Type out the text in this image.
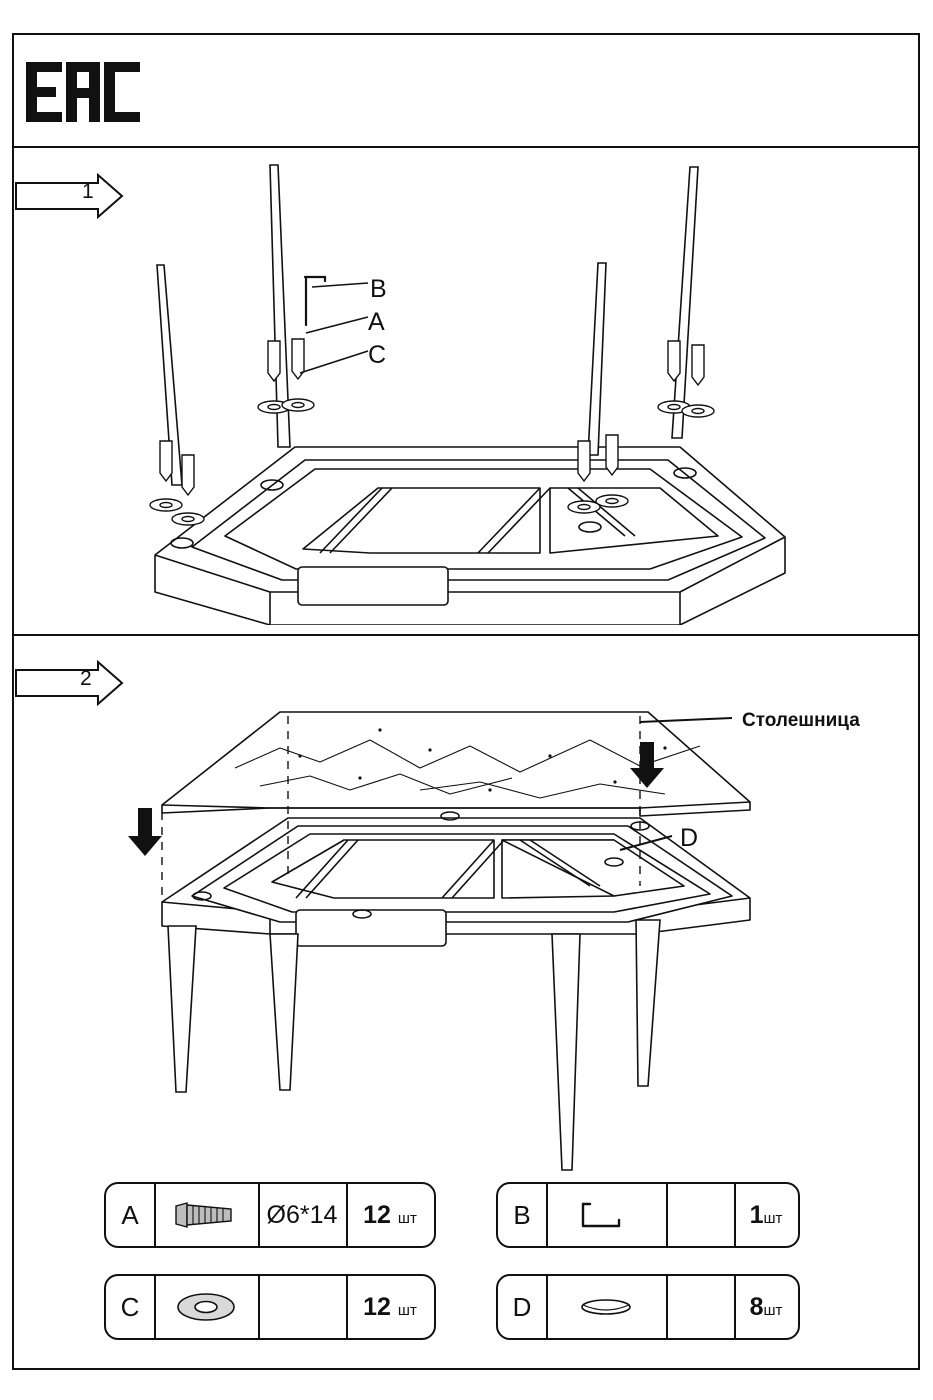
1
B
A
C
2
Столешница
D
A	Ø6*14	12 шт	B	1шт
C	12 шт	D	8шт
